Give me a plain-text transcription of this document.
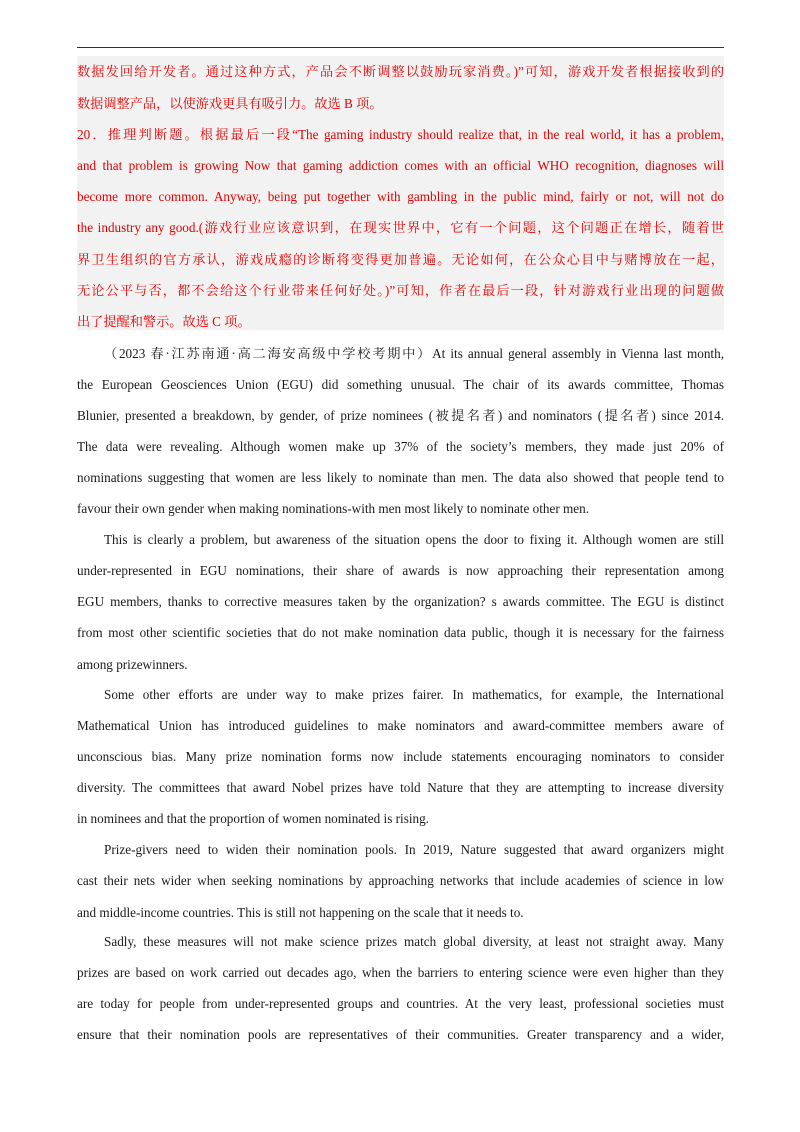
数据发回给开发者。通过这种方式，产品会不断调整以鼓励玩家消费。)”可知，游戏开发者根据接收到的
数据调整产品，以使游戏更具有吸引力。故选 B 项。
20．推理判断题。根据最后一段“The gaming industry should realize that, in the real world, it has a problem,
and that problem is growing Now that gaming addiction comes with an official WHO recognition, diagnoses will
become more common. Anyway, being put together with gambling in the public mind, fairly or not, will not do
the industry any good.(游戏行业应该意识到，在现实世界中，它有一个问题，这个问题正在增长，随着世
界卫生组织的官方承认，游戏成瘾的诊断将变得更加普遍。无论如何，在公众心目中与赌博放在一起，
无论公平与否，都不会给这个行业带来任何好处。)”可知，作者在最后一段，针对游戏行业出现的问题做
出了提醒和警示。故选 C 项。
（2023 春·江苏南通·高二海安高级中学校考期中）At its annual general assembly in Vienna last month,
the European Geosciences Union (EGU) did something unusual. The chair of its awards committee, Thomas
Blunier, presented a breakdown, by gender, of prize nominees (被提名者) and nominators (提名者) since 2014.
The data were revealing. Although women make up 37% of the society’s members, they made just 20% of
nominations suggesting that women are less likely to nominate than men. The data also showed that people tend to
favour their own gender when making nominations-with men most likely to nominate other men.
This is clearly a problem, but awareness of the situation opens the door to fixing it. Although women are still
under-represented in EGU nominations, their share of awards is now approaching their representation among
EGU members, thanks to corrective measures taken by the organization? s awards committee. The EGU is distinct
from most other scientific societies that do not make nomination data public, though it is necessary for the fairness
among prizewinners.
Some other efforts are under way to make prizes fairer. In mathematics, for example, the International
Mathematical Union has introduced guidelines to make nominators and award-committee members aware of
unconscious bias. Many prize nomination forms now include statements encouraging nominators to consider
diversity. The committees that award Nobel prizes have told Nature that they are attempting to increase diversity
in nominees and that the proportion of women nominated is rising.
Prize-givers need to widen their nomination pools. In 2019, Nature suggested that award organizers might
cast their nets wider when seeking nominations by approaching networks that include academies of science in low
and middle-income countries. This is still not happening on the scale that it needs to.
Sadly, these measures will not make science prizes match global diversity, at least not straight away. Many
prizes are based on work carried out decades ago, when the barriers to entering science were even higher than they
are today for people from under-represented groups and countries. At the very least, professional societies must
ensure that their nomination pools are representatives of their communities. Greater transparency and a wider,
